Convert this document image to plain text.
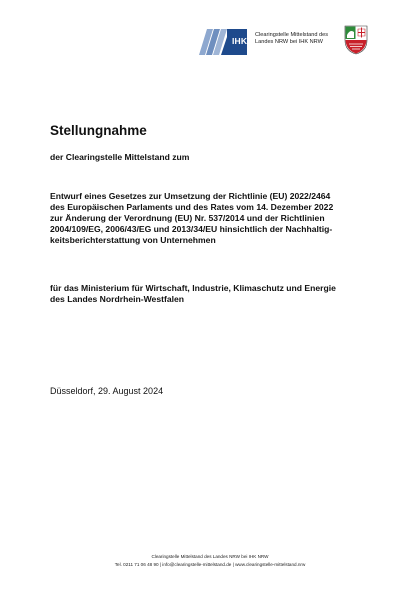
IHK
Clearingstelle Mittelstand des
Landes NRW bei IHK NRW
Stellungnahme
der Clearingstelle Mittelstand zum
Entwurf eines Gesetzes zur Umsetzung der Richtlinie (EU) 2022/2464
des Europäischen Parlaments und des Rates vom 14. Dezember 2022
zur Änderung der Verordnung (EU) Nr. 537/2014 und der Richtlinien
2004/109/EG, 2006/43/EG und 2013/34/EU hinsichtlich der Nachhaltig-
keitsberichterstattung von Unternehmen
für das Ministerium für Wirtschaft, Industrie, Klimaschutz und Energie
des Landes Nordrhein-Westfalen
Düsseldorf, 29. August 2024
Clearingstelle Mittelstand des Landes NRW bei IHK NRW
Tel. 0211 71 06 48 90 | info@clearingstelle-mittelstand.de | www.clearingstelle-mittelstand.nrw
